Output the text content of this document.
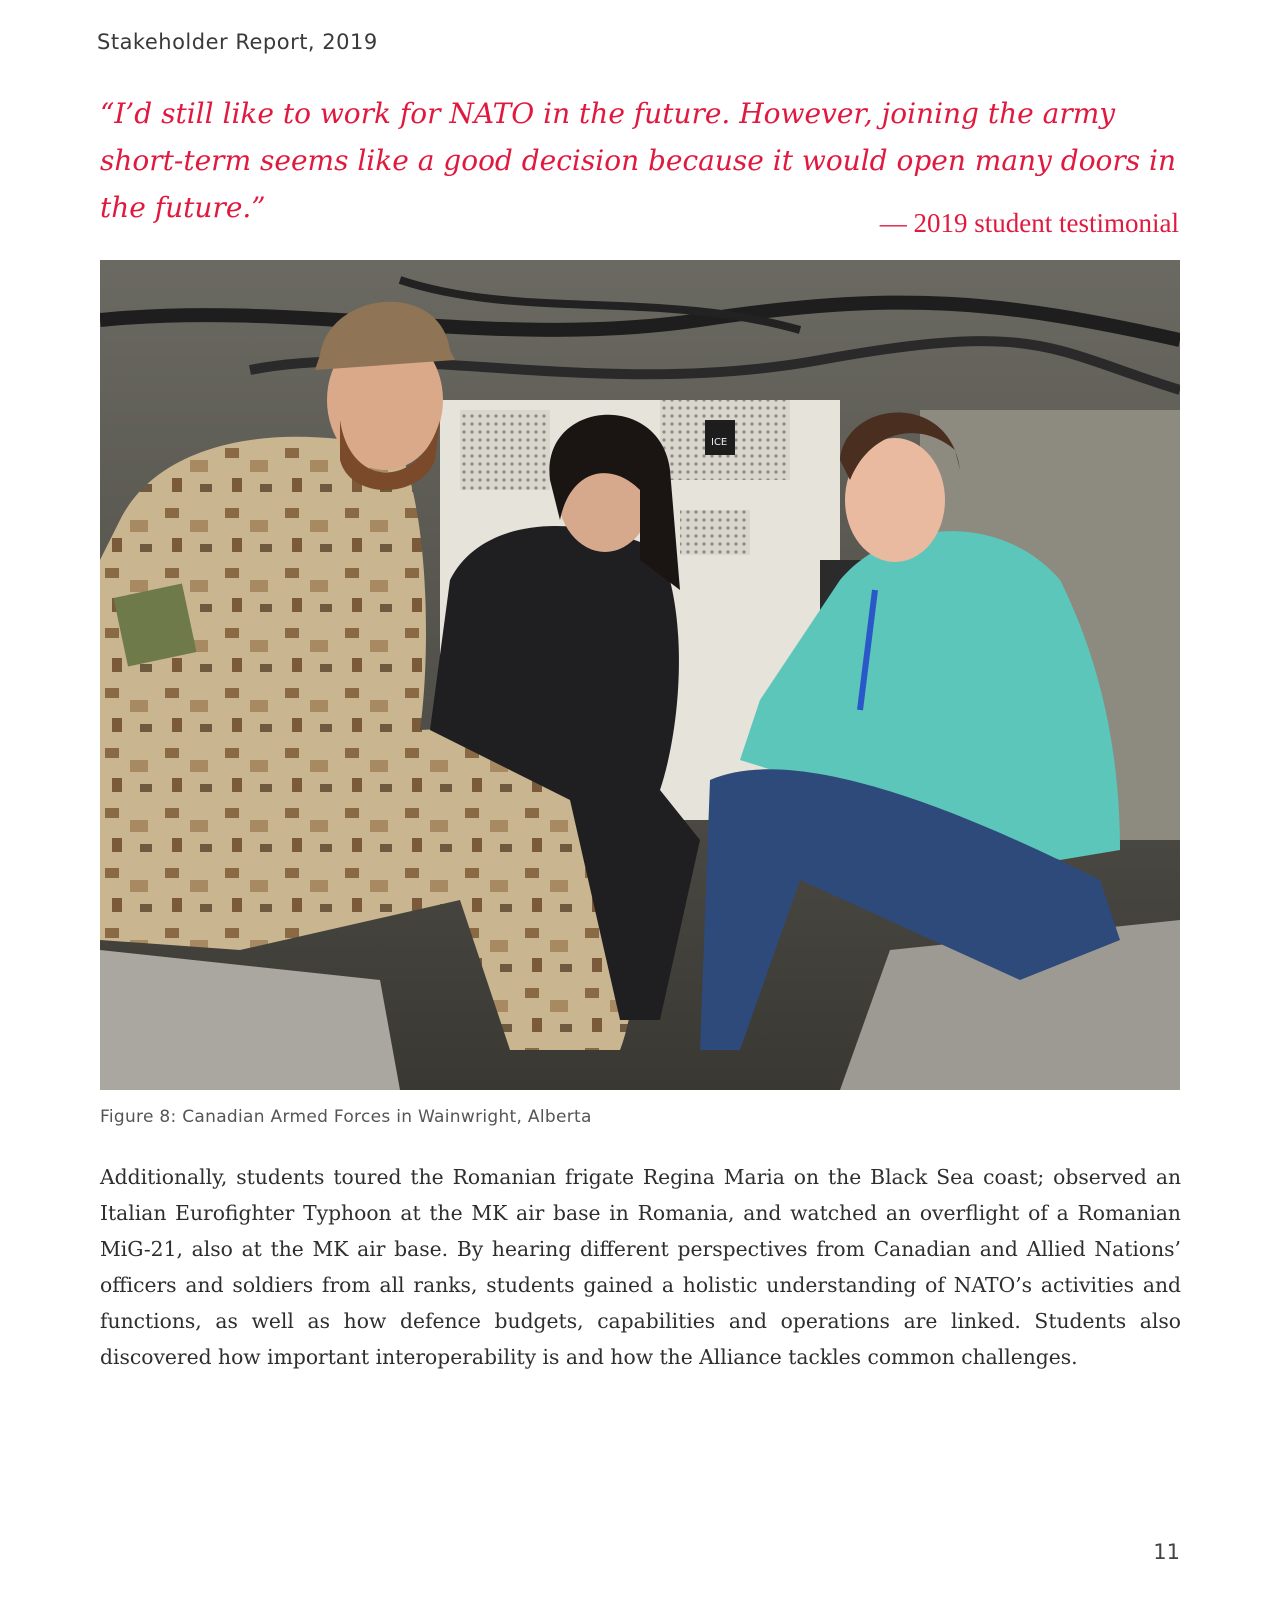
Stakeholder Report, 2019

“I’d still like to work for NATO in the future. However, joining the army short-term seems like a good decision because it would open many doors in the future.”	— 2019 student testimonial
ICE
Figure 8: Canadian Armed Forces in Wainwright, Alberta

Additionally, students toured the Romanian frigate Regina Maria on the Black Sea coast; observed an Italian Eurofighter Typhoon at the MK air base in Romania, and watched an overflight of a Romanian MiG-21, also at the MK air base. By hearing different perspectives from Canadian and Allied Nations’ officers and soldiers from all ranks, students gained a holistic understanding of NATO’s activities and functions, as well as how defence budgets, capabilities and operations are linked. Students also discovered how important interoperability is and how the Alliance tackles common challenges.

11
